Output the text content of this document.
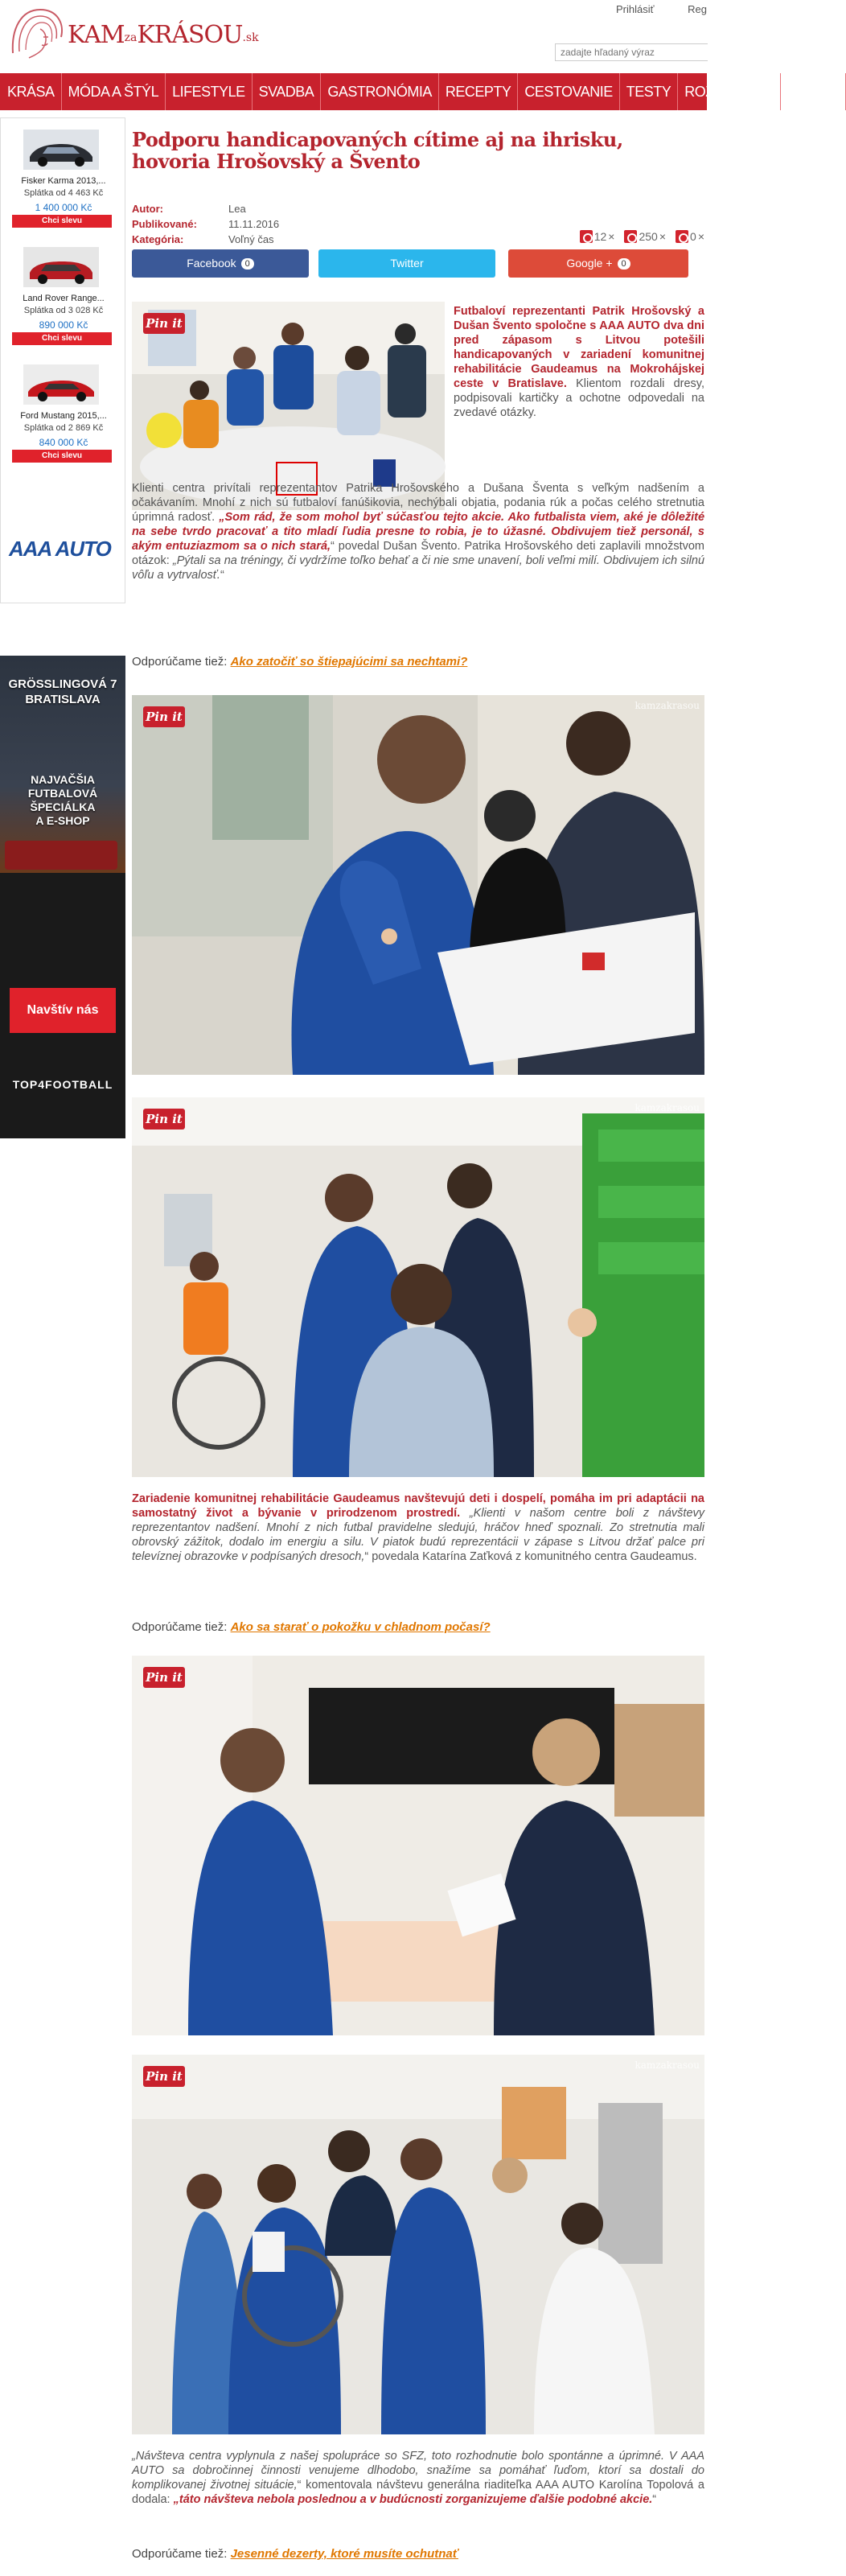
KAMzaKRÁSOU.sk
Prihlásiť	Reg
zadajte hľadaný výraz
KRÁSA MÓDA A ŠTÝL LIFESTYLE SVADBA GASTRONÓMIA RECEPTY CESTOVANIE TESTY ROZHOVORY HOROS
Fisker Karma 2013,...
Splátka od 4 463 Kč
1 400 000 Kč
Chci slevu
Land Rover Range...
Splátka od 3 028 Kč
890 000 Kč
Chci slevu
Ford Mustang 2015,...
Splátka od 2 869 Kč
840 000 Kč
Chci slevu
AAA AUTO
GRÖSSLINGOVÁ 7
BRATISLAVA
NAJVAČŠIA
FUTBALOVÁ
ŠPECIÁLKA
A E-SHOP
Navštív nás
TOP4FOOTBALL
Podporu handicapovaných cítime aj na ihrisku, hovoria Hrošovský a Švento
Autor:	Lea
Publikované:	11.11.2016
Kategória:	Voľný čas	12 × 250 × 0 ×
Facebook 0	Twitter	Google + 0
Pin it
Futbaloví reprezentanti Patrik Hrošovský a Dušan Švento spoločne s AAA AUTO dva dni pred zápasom s Litvou potešili handicapovaných v zariadení komunitnej rehabilitácie Gaudeamus na Mokrohájskej ceste v Bratislave. Klientom rozdali dresy, podpisovali kartičky a ochotne odpovedali na zvedavé otázky.
Klienti centra privítali reprezentantov Patrika Hrošovského a Dušana Šventa s veľkým nadšením a očakávaním. Mnohí z nich sú futbaloví fanúšikovia, nechýbali objatia, podania rúk a počas celého stretnutia úprimná radosť. „Som rád, že som mohol byť súčasťou tejto akcie. Ako futbalista viem, aké je dôležité na sebe tvrdo pracovať a tito mladí ľudia presne to robia, je to úžasné. Obdivujem tiež personál, s akým entuziazmom sa o nich stará,“ povedal Dušan Švento. Patrika Hrošovského deti zaplavili množstvom otázok: „Pýtali sa na tréningy, či vydržíme toľko behať a či nie sme unavení, boli veľmi milí. Obdivujem ich silnú vôľu a vytrvalosť.“
Odporúčame tiež: Ako zatočiť so štiepajúcimi sa nechtami?
Pin it
kamzakrasou
Pin it
kamzakrasou
Zariadenie komunitnej rehabilitácie Gaudeamus navštevujú deti i dospelí, pomáha im pri adaptácii na samostatný život a bývanie v prirodzenom prostredí. „Klienti v našom centre boli z návštevy reprezentantov nadšení. Mnohí z nich futbal pravidelne sledujú, hráčov hneď spoznali. Zo stretnutia mali obrovský zážitok, dodalo im energiu a silu. V piatok budú reprezentácii v zápase s Litvou držať palce pri televíznej obrazovke v podpísaných dresoch,“ povedala Katarína Zaťková z komunitného centra Gaudeamus.
Odporúčame tiež: Ako sa starať o pokožku v chladnom počasí?
Pin it
Pin it
kamzakrasou
„Návšteva centra vyplynula z našej spolupráce so SFZ, toto rozhodnutie bolo spontánne a úprimné. V AAA AUTO sa dobročinnej činnosti venujeme dlhodobo, snažíme sa pomáhať ľuďom, ktorí sa dostali do komplikovanej životnej situácie,“ komentovala návštevu generálna riaditeľka AAA AUTO Karolína Topolová a dodala: „táto návšteva nebola poslednou a v budúcnosti zorganizujeme ďalšie podobné akcie.“
Odporúčame tiež: Jesenné dezerty, ktoré musíte ochutnať
